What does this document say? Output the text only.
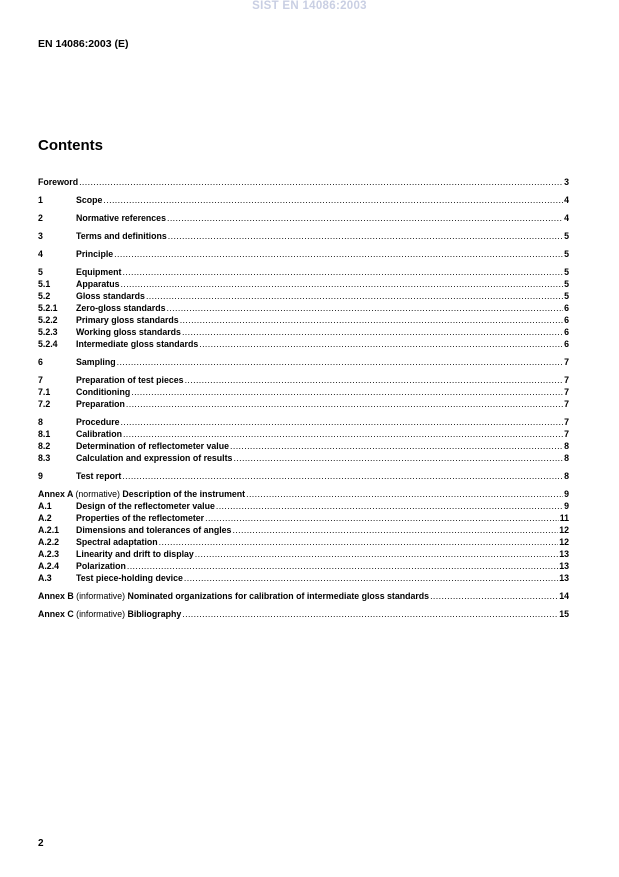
SIST EN 14086:2003
EN 14086:2003 (E)
Contents
Foreword .....	3
1	Scope .....	4
2	Normative references .....	4
3	Terms and definitions .....	5
4	Principle .....	5
5	Equipment .....	5
5.1	Apparatus .....	5
5.2	Gloss standards .....	5
5.2.1	Zero-gloss standards .....	6
5.2.2	Primary gloss standards .....	6
5.2.3	Working gloss standards .....	6
5.2.4	Intermediate gloss standards .....	6
6	Sampling .....	7
7	Preparation of test pieces .....	7
7.1	Conditioning .....	7
7.2	Preparation .....	7
8	Procedure .....	7
8.1	Calibration .....	7
8.2	Determination of reflectometer value .....	8
8.3	Calculation and expression of results .....	8
9	Test report .....	8
Annex A (normative) Description of the instrument .....	9
A.1	Design of the reflectometer value .....	9
A.2	Properties of the reflectometer .....	11
A.2.1	Dimensions and tolerances of angles .....	12
A.2.2	Spectral adaptation .....	12
A.2.3	Linearity and drift to display .....	13
A.2.4	Polarization .....	13
A.3	Test piece-holding device .....	13
Annex B (informative) Nominated organizations for calibration of intermediate gloss standards .....	14
Annex C (informative) Bibliography .....	15
2
